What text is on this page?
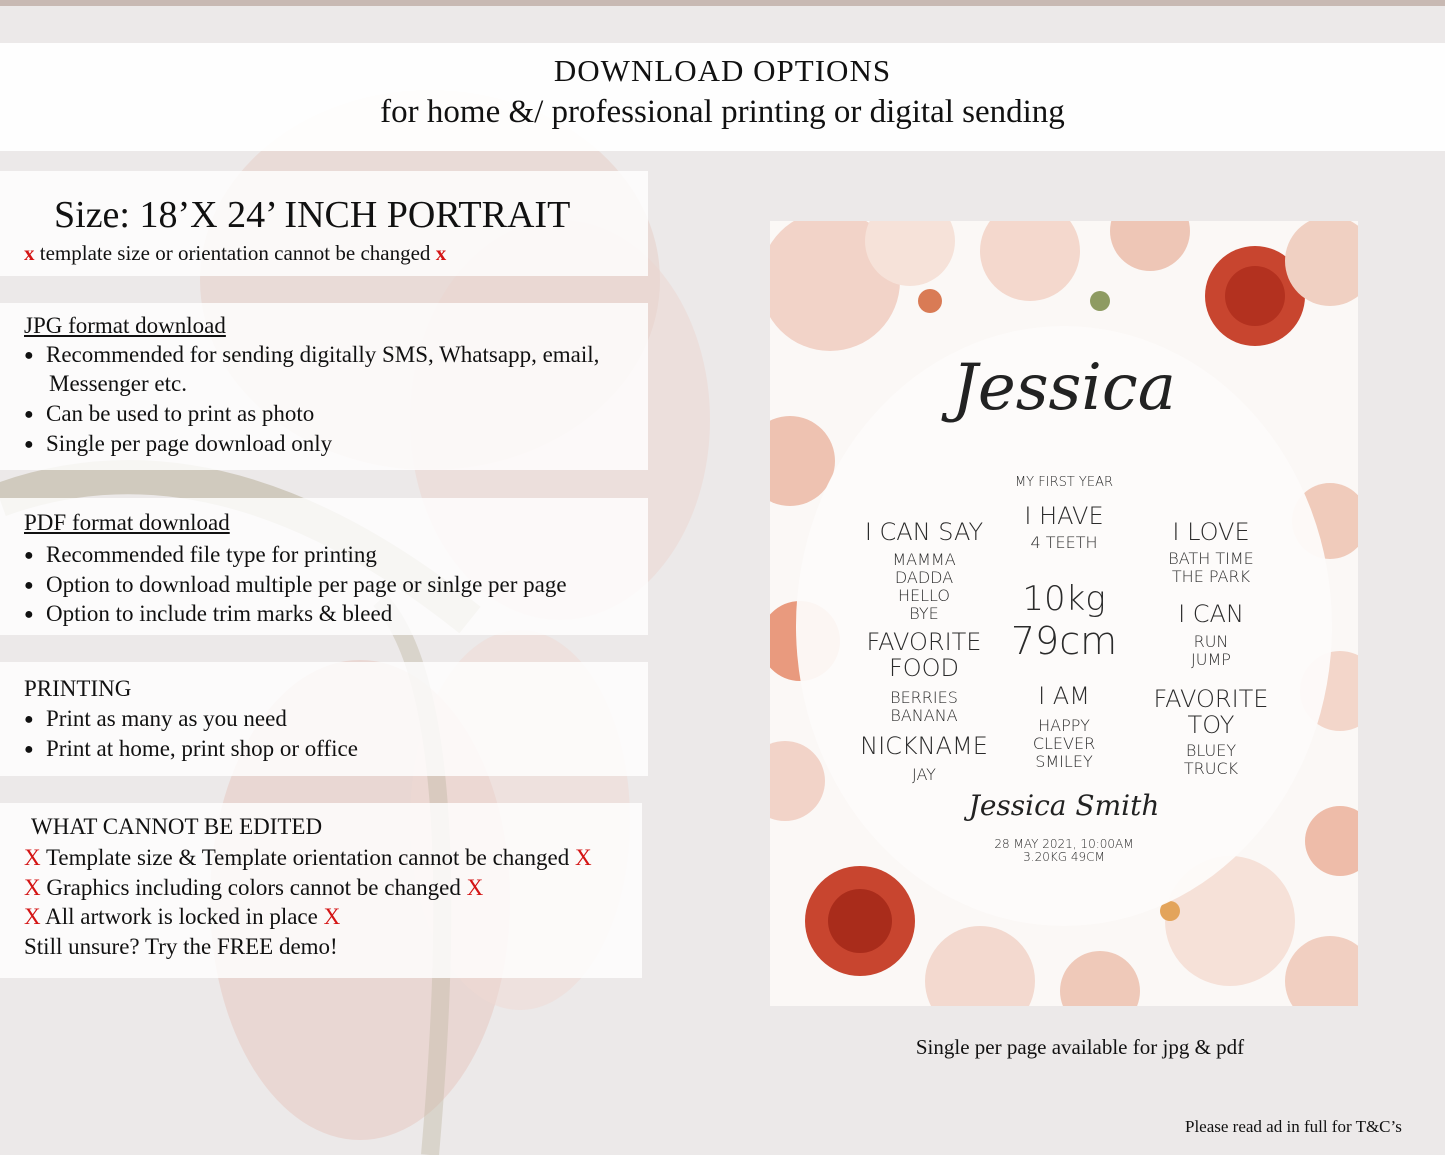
DOWNLOAD OPTIONS
for home &/ professional printing or digital sending
Size: 18’X 24’ INCH PORTRAIT
x template size or orientation cannot be changed x
JPG format download
● Recommended for sending digitally SMS, Whatsapp, email,
Messenger etc.
● Can be used to print as photo
● Single per page download only
PDF format download
● Recommended file type for printing
● Option to download multiple per page or sinlge per page
● Option to include trim marks & bleed
PRINTING
● Print as many as you need
● Print at home, print shop or office
WHAT CANNOT BE EDITED
X Template size & Template orientation cannot be changed X
X Graphics including colors cannot be changed X
X All artwork is locked in place X
Still unsure? Try the FREE demo!
Jessica
MY FIRST YEAR
I CAN SAY
MAMMA
DADDA
HELLO
BYE
I HAVE
4 TEETH
10kg
79cm
I LOVE
BATH TIME
THE PARK
I CAN
RUN
JUMP
FAVORITE
FOOD
BERRIES
BANANA
NICKNAME
JAY
I AM
HAPPY
CLEVER
SMILEY
FAVORITE
TOY
BLUEY
TRUCK
Jessica Smith
28 MAY 2021, 10:00AM
3.20KG 49CM
Single per page available for jpg & pdf
Please read ad in full for T&C’s
